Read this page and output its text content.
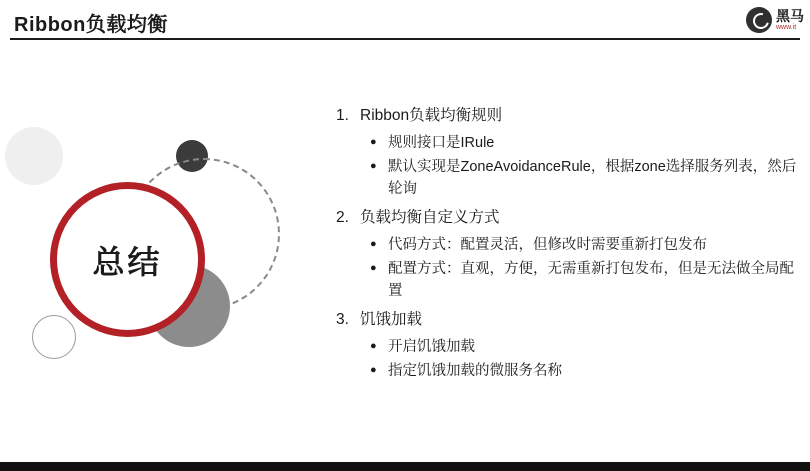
Ribbon负载均衡	黑马
www.it
总结
1. Ribbon负载均衡规则
● 规则接口是IRule
● 默认实现是ZoneAvoidanceRule，根据zone选择服务列表，然后轮询
2. 负载均衡自定义方式
● 代码方式：配置灵活，但修改时需要重新打包发布
● 配置方式：直观，方便，无需重新打包发布，但是无法做全局配置
3. 饥饿加载
● 开启饥饿加载
● 指定饥饿加载的微服务名称
